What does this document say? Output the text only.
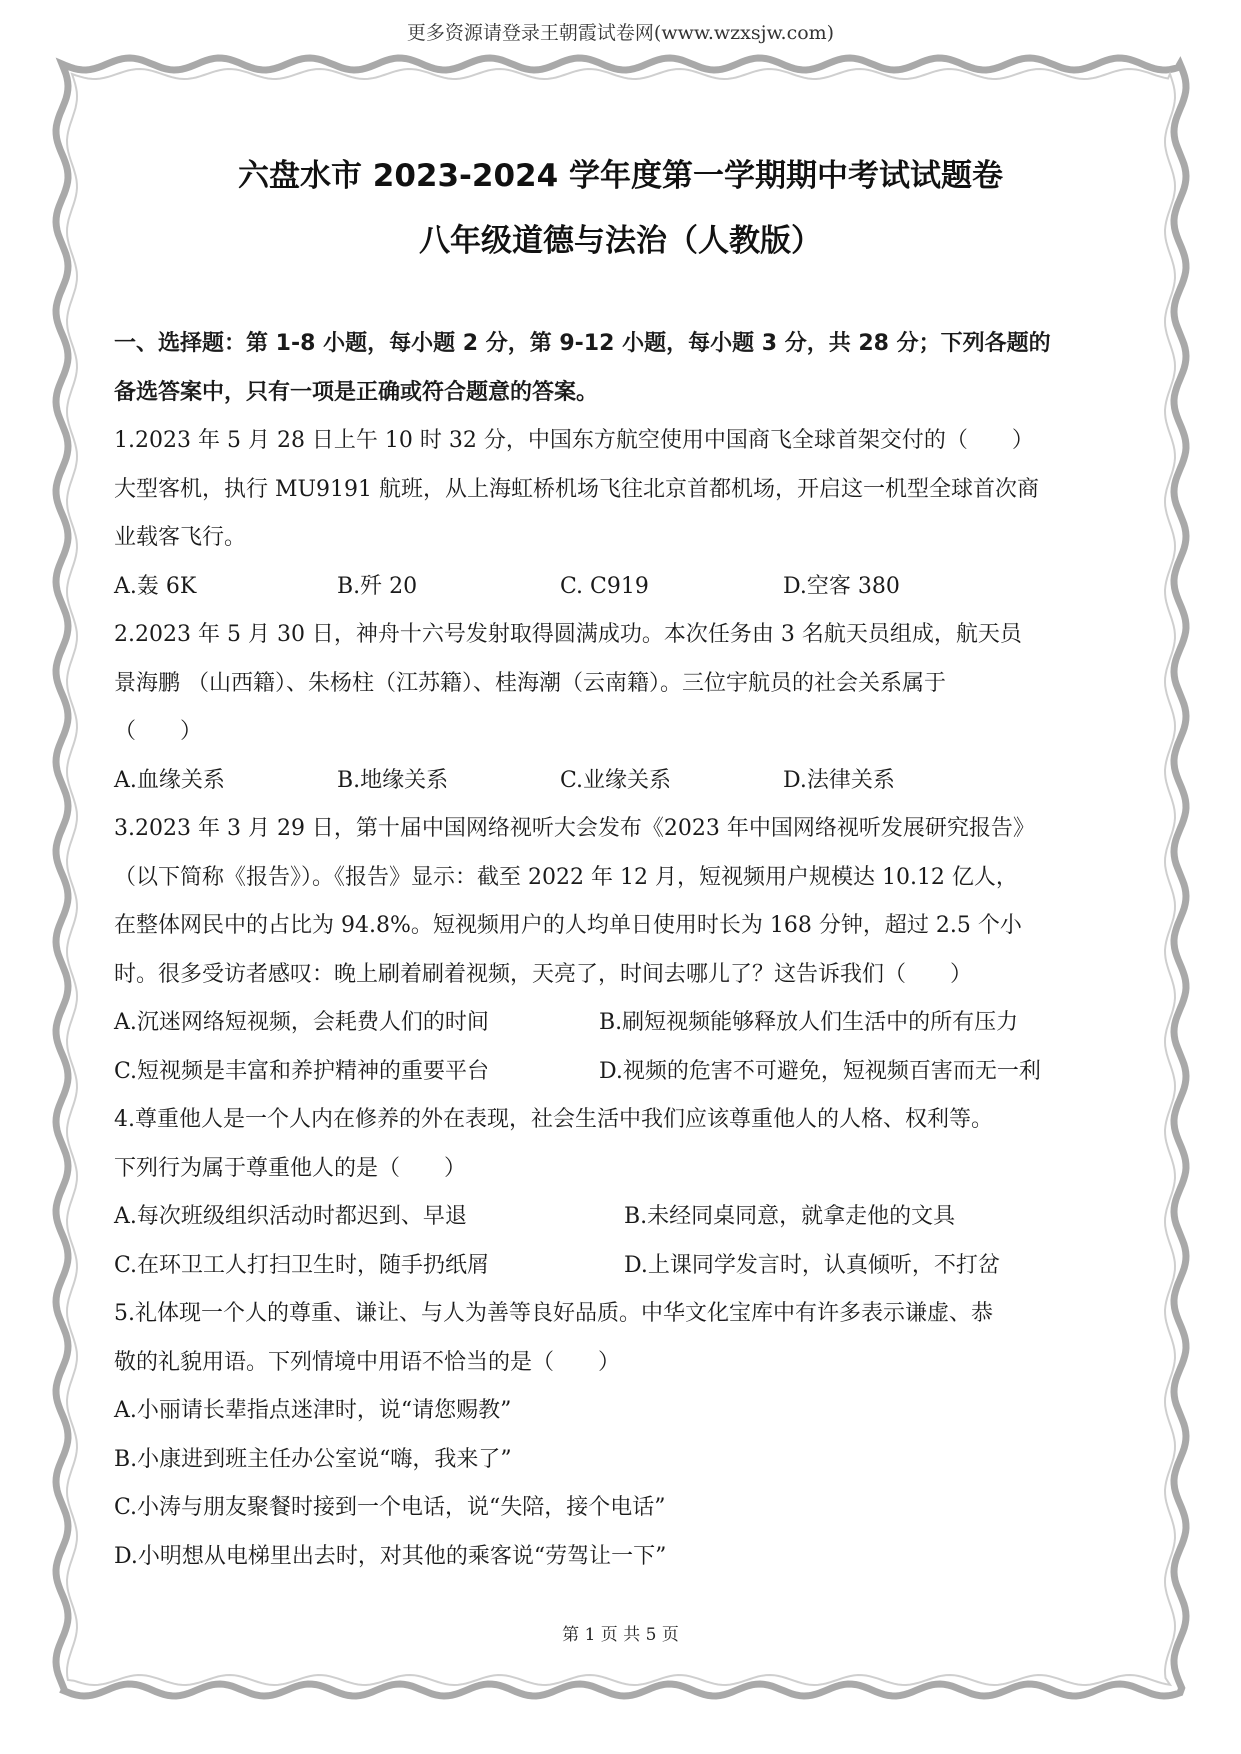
更多资源请登录王朝霞试卷网(www.wzxsjw.com)
六盘水市 2023-2024 学年度第一学期期中考试试题卷
八年级道德与法治（人教版）
一、选择题：第 1-8 小题，每小题 2 分，第 9-12 小题，每小题 3 分，共 28 分；下列各题的
备选答案中，只有一项是正确或符合题意的答案。
1.2023 年 5 月 28 日上午 10 时 32 分，中国东方航空使用中国商飞全球首架交付的（　　）
大型客机，执行 MU9191 航班，从上海虹桥机场飞往北京首都机场，开启这一机型全球首次商
业载客飞行。
A.轰 6K	B.歼 20	C. C919	D.空客 380
2.2023 年 5 月 30 日，神舟十六号发射取得圆满成功。本次任务由 3 名航天员组成，航天员
景海鹏 （山西籍）、朱杨柱（江苏籍）、桂海潮（云南籍）。三位宇航员的社会关系属于
（　　）
A.血缘关系	B.地缘关系	C.业缘关系	D.法律关系
3.2023 年 3 月 29 日，第十届中国网络视听大会发布《2023 年中国网络视听发展研究报告》
（以下简称《报告》）。《报告》显示：截至 2022 年 12 月，短视频用户规模达 10.12 亿人，
在整体网民中的占比为 94.8%。短视频用户的人均单日使用时长为 168 分钟，超过 2.5 个小
时。很多受访者感叹：晚上刷着刷着视频，天亮了，时间去哪儿了？这告诉我们（　　）
A.沉迷网络短视频，会耗费人们的时间	B.刷短视频能够释放人们生活中的所有压力
C.短视频是丰富和养护精神的重要平台	D.视频的危害不可避免，短视频百害而无一利
4.尊重他人是一个人内在修养的外在表现，社会生活中我们应该尊重他人的人格、权利等。
下列行为属于尊重他人的是（　　）
A.每次班级组织活动时都迟到、早退	B.未经同桌同意，就拿走他的文具
C.在环卫工人打扫卫生时，随手扔纸屑	D.上课同学发言时，认真倾听，不打岔
5.礼体现一个人的尊重、谦让、与人为善等良好品质。中华文化宝库中有许多表示谦虚、恭
敬的礼貌用语。下列情境中用语不恰当的是（　　）
A.小丽请长辈指点迷津时，说“请您赐教”
B.小康进到班主任办公室说“嗨，我来了”
C.小涛与朋友聚餐时接到一个电话，说“失陪，接个电话”
D.小明想从电梯里出去时，对其他的乘客说“劳驾让一下”
第 1 页 共 5 页
